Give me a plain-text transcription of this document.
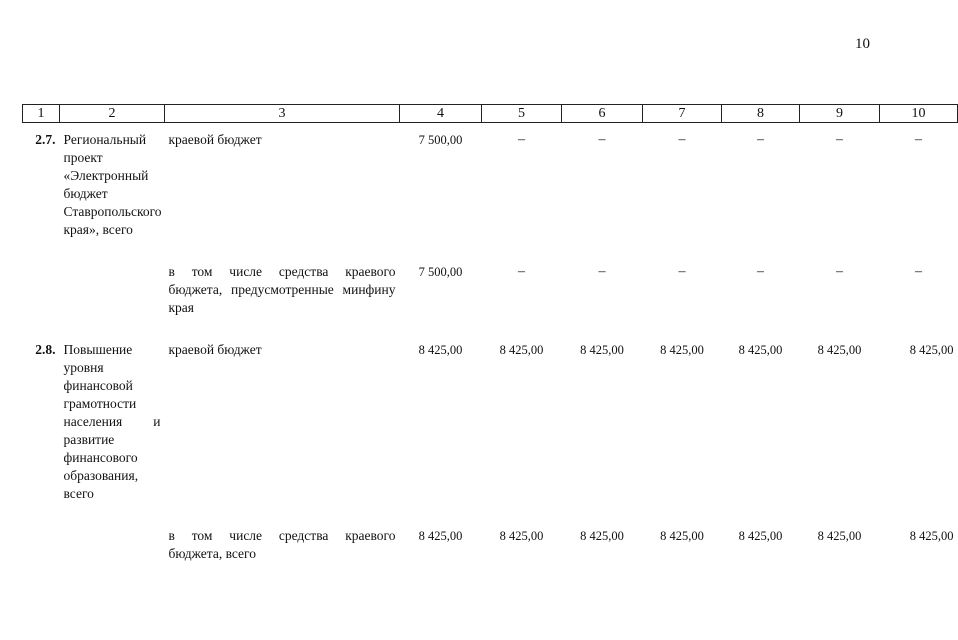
10
1	2	3	4	5	6	7	8	9	10
2.7.	Региональный проект «Электронный бюджет Ставропольского края», всего	краевой бюджет	7 500,00	–	–	–	–	–	–
		в том числе средства краевого бюджета, предусмотренные минфину края	7 500,00	–	–	–	–	–	–
2.8.	Повышение уровня финансовой грамотности населения и развитие финансового образования, всего	краевой бюджет	8 425,00	8 425,00	8 425,00	8 425,00	8 425,00	8 425,00	8 425,00
		в том числе средства краевого бюджета, всего	8 425,00	8 425,00	8 425,00	8 425,00	8 425,00	8 425,00	8 425,00
